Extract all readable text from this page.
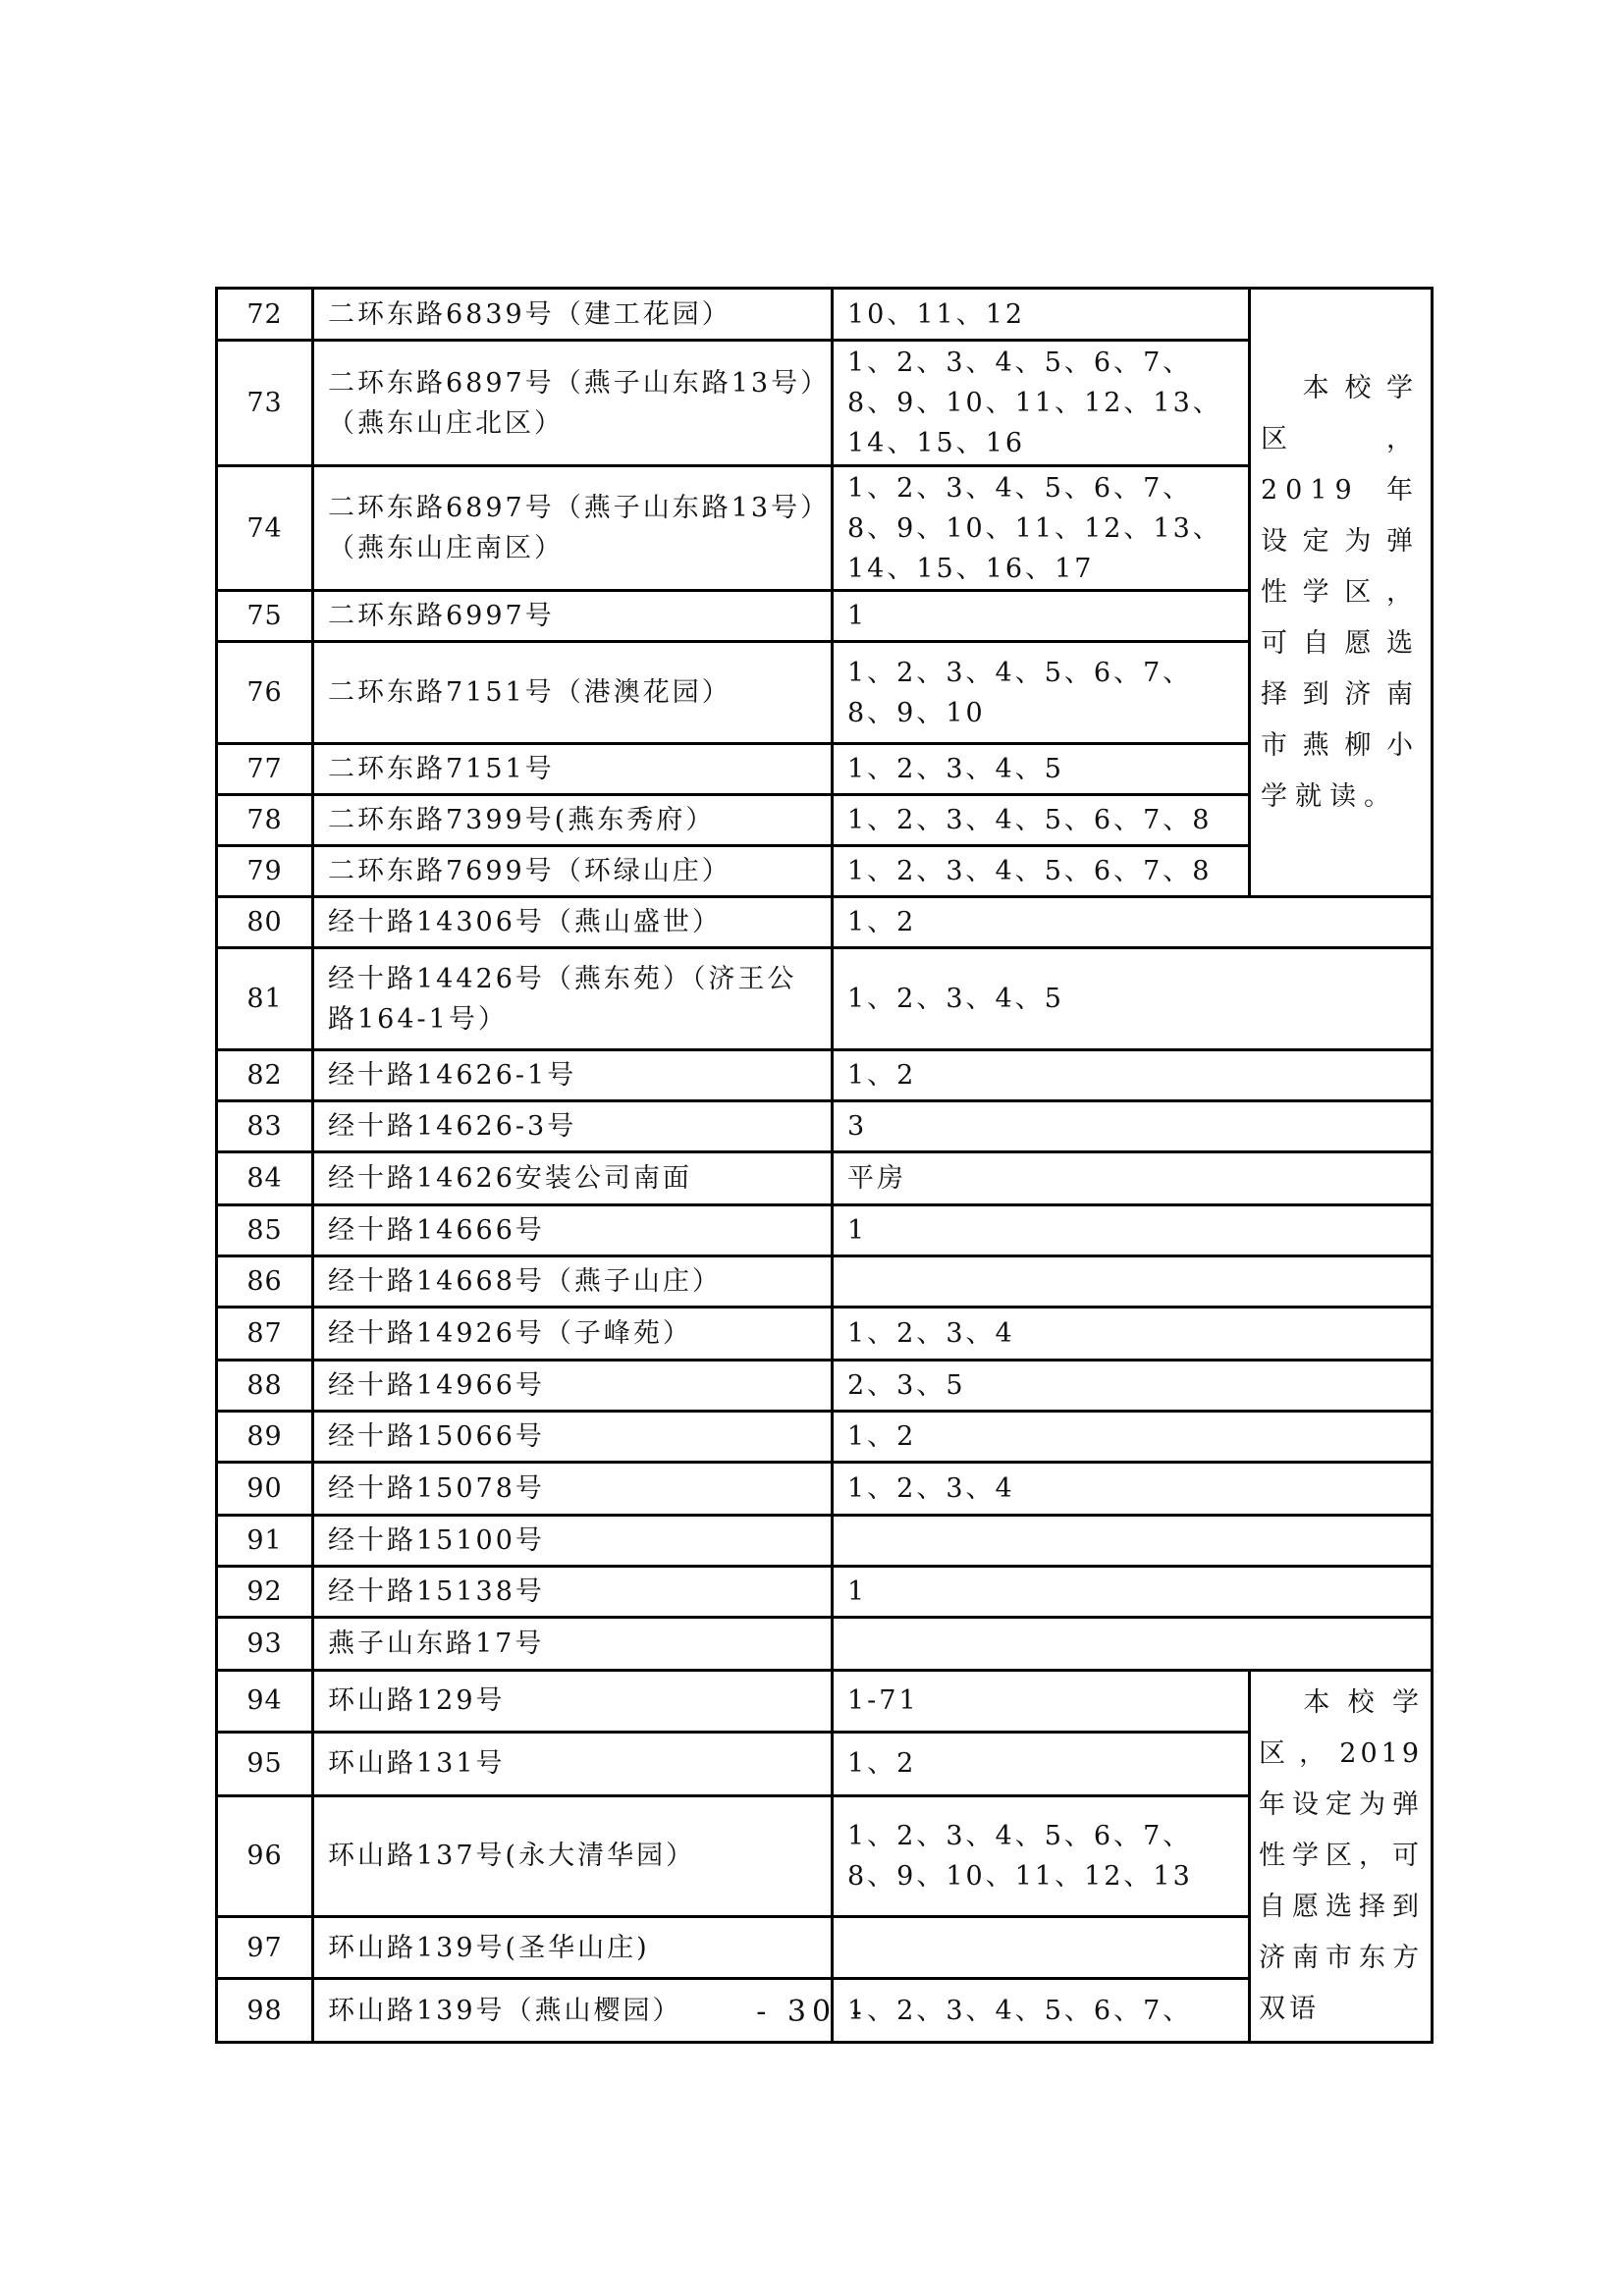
72	二环东路6839号（建工花园）	10、11、12	　本校学区，2019年设定为弹性学区，可自愿选择到济南市燕柳小学就读。
73	二环东路6897号（燕子山东路13号）（燕东山庄北区）	1、2、3、4、5、6、7、8、9、10、11、12、13、14、15、16	
74	二环东路6897号（燕子山东路13号）（燕东山庄南区）	1、2、3、4、5、6、7、8、9、10、11、12、13、14、15、16、17	
75	二环东路6997号	1	
76	二环东路7151号（港澳花园）	1、2、3、4、5、6、7、8、9、10	
77	二环东路7151号	1、2、3、4、5	
78	二环东路7399号(燕东秀府）	1、2、3、4、5、6、7、8	
79	二环东路7699号（环绿山庄）	1、2、3、4、5、6、7、8	
80	经十路14306号（燕山盛世）	1、2	
81	经十路14426号（燕东苑）（济王公路164-1号）	1、2、3、4、5	
82	经十路14626-1号	1、2	
83	经十路14626-3号	3	
84	经十路14626安装公司南面	平房	
85	经十路14666号	1	
86	经十路14668号（燕子山庄）		
87	经十路14926号（子峰苑）	1、2、3、4	
88	经十路14966号	2、3、5	
89	经十路15066号	1、2	
90	经十路15078号	1、2、3、4	
91	经十路15100号		
92	经十路15138号	1	
93	燕子山东路17号		
94	环山路129号	1-71	　本校学区，2019年设定为弹性学区，可自愿选择到济南市东方双语
95	环山路131号	1、2	
96	环山路137号(永大清华园）	1、2、3、4、5、6、7、8、9、10、11、12、13	
97	环山路139号(圣华山庄)		
98	环山路139号（燕山樱园）	1、2、3、4、5、6、7、	
- 30 -
